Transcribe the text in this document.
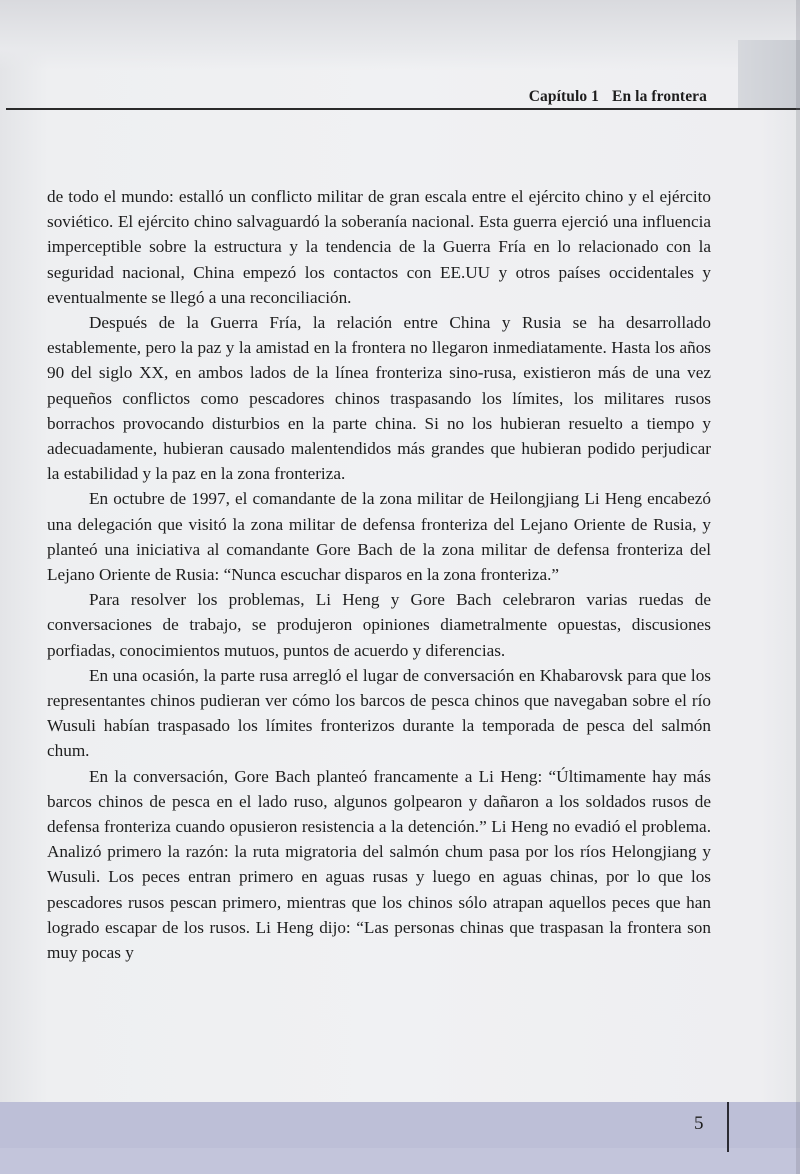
Capítulo 1 En la frontera

de todo el mundo: estalló un conflicto militar de gran escala entre el ejército chino y el ejército soviético. El ejército chino salvaguardó la soberanía nacional. Esta guerra ejerció una influencia imperceptible sobre la estructura y la tendencia de la Guerra Fría en lo relacionado con la seguridad nacional, China empezó los contactos con EE.UU y otros países occidentales y eventualmente se llegó a una reconciliación.

Después de la Guerra Fría, la relación entre China y Rusia se ha desarrollado establemente, pero la paz y la amistad en la frontera no llegaron inmediatamente. Hasta los años 90 del siglo XX, en ambos lados de la línea fronteriza sino-rusa, existieron más de una vez pequeños conflictos como pescadores chinos traspasando los límites, los militares rusos borrachos provocando disturbios en la parte china. Si no los hubieran resuelto a tiempo y adecuadamente, hubieran causado malentendidos más grandes que hubieran podido perjudicar la estabilidad y la paz en la zona fronteriza.

En octubre de 1997, el comandante de la zona militar de Heilongjiang Li Heng encabezó una delegación que visitó la zona militar de defensa fronteriza del Lejano Oriente de Rusia, y planteó una iniciativa al comandante Gore Bach de la zona militar de defensa fronteriza del Lejano Oriente de Rusia: “Nunca escuchar disparos en la zona fronteriza.”

Para resolver los problemas, Li Heng y Gore Bach celebraron varias ruedas de conversaciones de trabajo, se produjeron opiniones diametralmente opuestas, discusiones porfiadas, conocimientos mutuos, puntos de acuerdo y diferencias.

En una ocasión, la parte rusa arregló el lugar de conversación en Khabarovsk para que los representantes chinos pudieran ver cómo los barcos de pesca chinos que navegaban sobre el río Wusuli habían traspasado los límites fronterizos durante la temporada de pesca del salmón chum.

En la conversación, Gore Bach planteó francamente a Li Heng: “Últimamente hay más barcos chinos de pesca en el lado ruso, algunos golpearon y dañaron a los soldados rusos de defensa fronteriza cuando opusieron resistencia a la detención.” Li Heng no evadió el problema. Analizó primero la razón: la ruta migratoria del salmón chum pasa por los ríos Helongjiang y Wusuli. Los peces entran primero en aguas rusas y luego en aguas chinas, por lo que los pescadores rusos pescan primero, mientras que los chinos sólo atrapan aquellos peces que han logrado escapar de los rusos. Li Heng dijo: “Las personas chinas que traspasan la frontera son muy pocas y

5
